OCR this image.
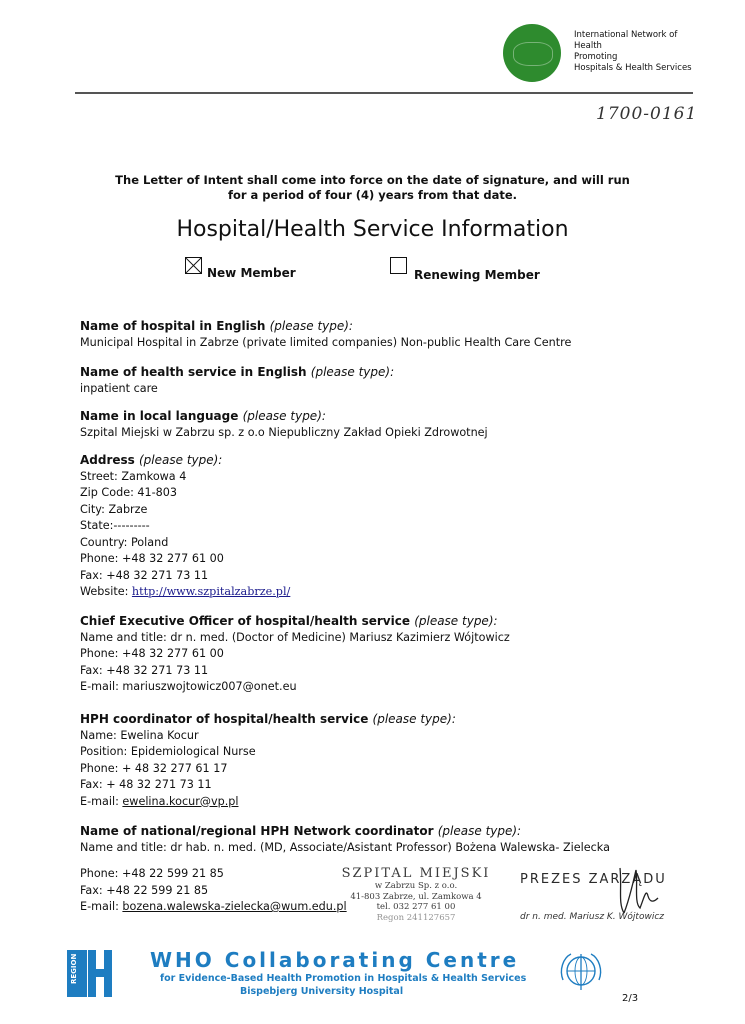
International Network of
Health
Promoting
Hospitals & Health Services
1700-0161
The Letter of Intent shall come into force on the date of signature, and will run
for a period of four (4) years from that date.
Hospital/Health Service Information
New Member	Renewing Member
Name of hospital in English (please type):
Municipal Hospital in Zabrze (private limited companies) Non-public Health Care Centre
Name of health service in English (please type):
inpatient care
Name in local language (please type):
Szpital Miejski w Zabrzu sp. z o.o Niepubliczny Zakład Opieki Zdrowotnej
Address (please type):
Street: Zamkowa 4
Zip Code: 41-803
City: Zabrze
State:---------
Country: Poland
Phone: +48 32 277 61 00
Fax: +48 32 271 73 11
Website: http://www.szpitalzabrze.pl/
Chief Executive Officer of hospital/health service (please type):
Name and title: dr n. med. (Doctor of Medicine) Mariusz Kazimierz Wójtowicz
Phone: +48 32 277 61 00
Fax: +48 32 271 73 11
E-mail: mariuszwojtowicz007@onet.eu
HPH coordinator of hospital/health service (please type):
Name: Ewelina Kocur
Position: Epidemiological Nurse
Phone: + 48 32 277 61 17
Fax: + 48 32 271 73 11
E-mail: ewelina.kocur@vp.pl
Name of national/regional HPH Network coordinator (please type):
Name and title: dr hab. n. med. (MD, Associate/Asistant Professor) Bożena Walewska- Zielecka
Phone: +48 22 599 21 85
Fax: +48 22 599 21 85
E-mail: bozena.walewska-zielecka@wum.edu.pl
SZPITAL MIEJSKI
w Zabrzu Sp. z o.o.
41-803 Zabrze, ul. Zamkowa 4
tel. 032 277 61 00
Regon 241127657
PREZES ZARZĄDU
dr n. med. Mariusz K. Wójtowicz
REGION	WHO Collaborating Centre
for Evidence-Based Health Promotion in Hospitals & Health Services
Bispebjerg University Hospital
2/3
